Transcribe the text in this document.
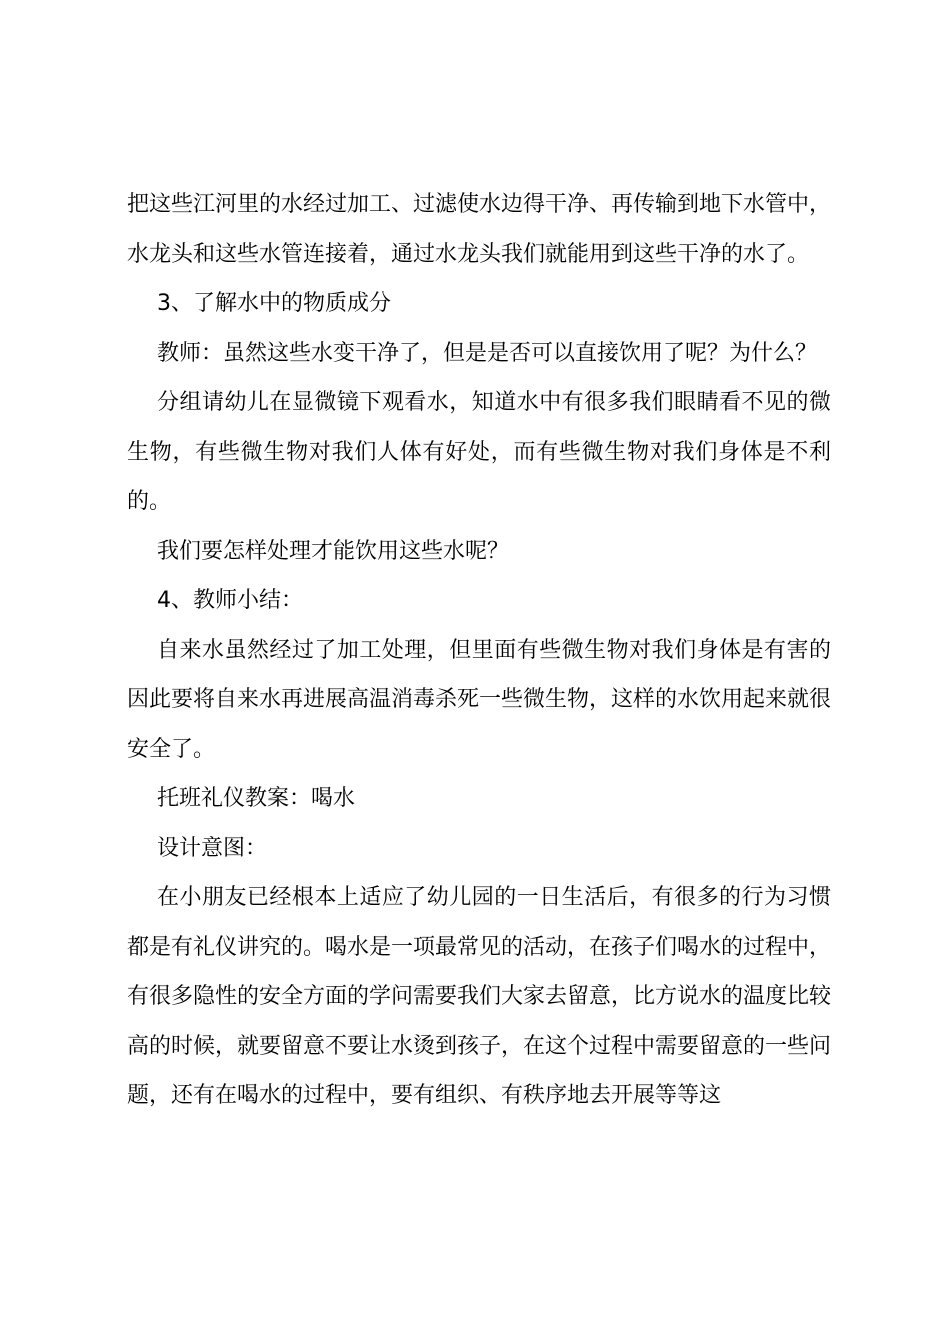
把这些江河里的水经过加工、过滤使水边得干净、再传输到地下水管中，水龙头和这些水管连接着，通过水龙头我们就能用到这些干净的水了。

3、了解水中的物质成分

教师：虽然这些水变干净了，但是是否可以直接饮用了呢？为什么？

分组请幼儿在显微镜下观看水，知道水中有很多我们眼睛看不见的微生物，有些微生物对我们人体有好处，而有些微生物对我们身体是不利的。

我们要怎样处理才能饮用这些水呢？

4、教师小结：

自来水虽然经过了加工处理，但里面有些微生物对我们身体是有害的因此要将自来水再进展高温消毒杀死一些微生物，这样的水饮用起来就很安全了。

托班礼仪教案：喝水

设计意图：

在小朋友已经根本上适应了幼儿园的一日生活后，有很多的行为习惯都是有礼仪讲究的。喝水是一项最常见的活动，在孩子们喝水的过程中，有很多隐性的安全方面的学问需要我们大家去留意，比方说水的温度比较高的时候，就要留意不要让水烫到孩子，在这个过程中需要留意的一些问题，还有在喝水的过程中，要有组织、有秩序地去开展等等这
